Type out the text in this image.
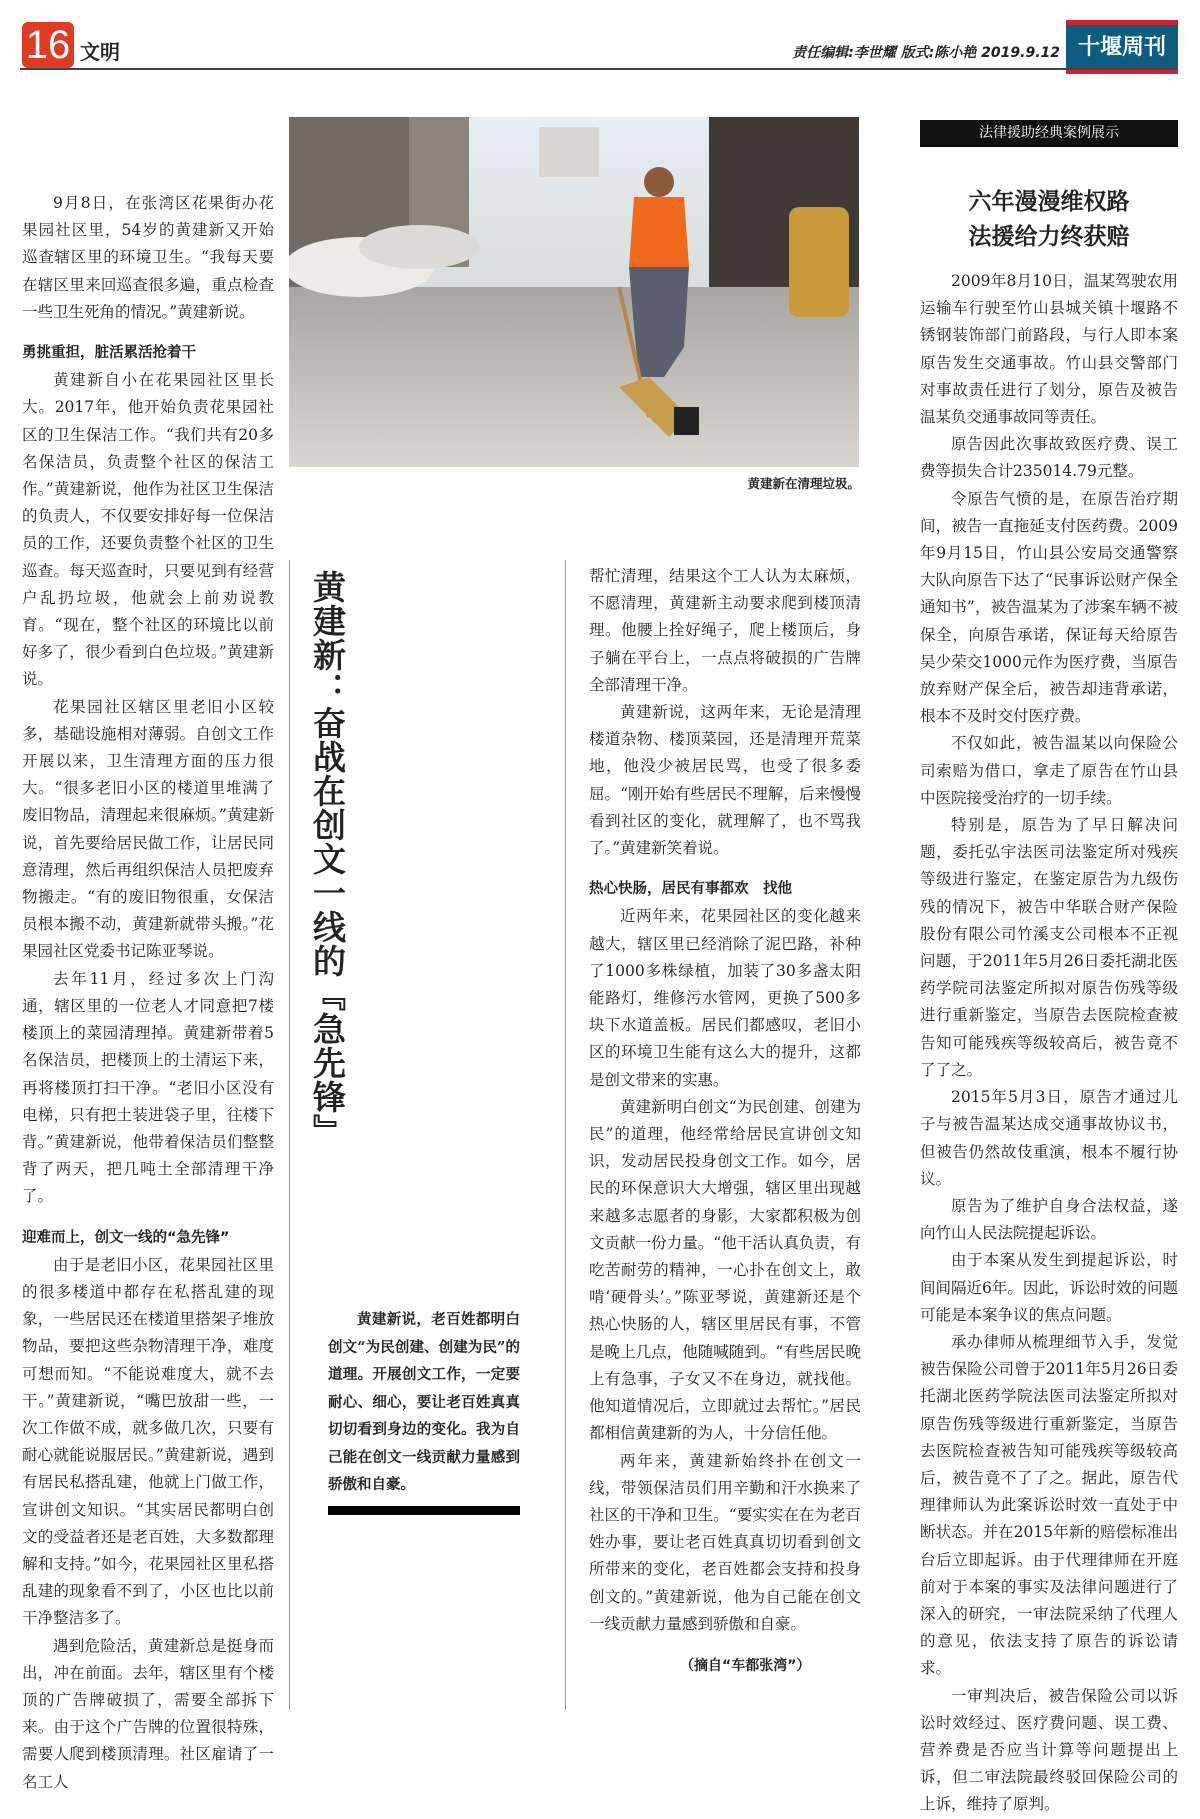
16 文明	责任编辑:李世耀 版式:陈小艳 2019.9.12 十堰周刊

9月8日，在张湾区花果街办花果园社区里，54岁的黄建新又开始巡查辖区里的环境卫生。“我每天要在辖区里来回巡查很多遍，重点检查一些卫生死角的情况。”黄建新说。

勇挑重担，脏活累活抢着干

黄建新自小在花果园社区里长大。2017年，他开始负责花果园社区的卫生保洁工作。“我们共有20多名保洁员，负责整个社区的保洁工作。”黄建新说，他作为社区卫生保洁的负责人，不仅要安排好每一位保洁员的工作，还要负责整个社区的卫生巡查。每天巡查时，只要见到有经营户乱扔垃圾，他就会上前劝说教育。“现在，整个社区的环境比以前好多了，很少看到白色垃圾。”黄建新说。

花果园社区辖区里老旧小区较多，基础设施相对薄弱。自创文工作开展以来，卫生清理方面的压力很大。“很多老旧小区的楼道里堆满了废旧物品，清理起来很麻烦。”黄建新说，首先要给居民做工作，让居民同意清理，然后再组织保洁人员把废弃物搬走。“有的废旧物很重，女保洁员根本搬不动，黄建新就带头搬。”花果园社区党委书记陈亚琴说。

去年11月，经过多次上门沟通，辖区里的一位老人才同意把7楼楼顶上的菜园清理掉。黄建新带着5名保洁员，把楼顶上的土清运下来，再将楼顶打扫干净。“老旧小区没有电梯，只有把土装进袋子里，往楼下背。”黄建新说，他带着保洁员们整整背了两天，把几吨土全部清理干净了。

迎难而上，创文一线的“急先锋”

由于是老旧小区，花果园社区里的很多楼道中都存在私搭乱建的现象，一些居民还在楼道里搭架子堆放物品，要把这些杂物清理干净，难度可想而知。“不能说难度大，就不去干。”黄建新说，“嘴巴放甜一些，一次工作做不成，就多做几次，只要有耐心就能说服居民。”黄建新说，遇到有居民私搭乱建，他就上门做工作，宣讲创文知识。“其实居民都明白创文的受益者还是老百姓，大多数都理解和支持。”如今，花果园社区里私搭乱建的现象看不到了，小区也比以前干净整洁多了。

遇到危险活，黄建新总是挺身而出，冲在前面。去年，辖区里有个楼顶的广告牌破损了，需要全部拆下来。由于这个广告牌的位置很特殊，需要人爬到楼顶清理。社区雇请了一名工人

黄建新在清理垃圾。
黄建新：奋战在创文一线的『急先锋』

黄建新说，老百姓都明白创文“为民创建、创建为民”的道理。开展创文工作，一定要耐心、细心，要让老百姓真真切切看到身边的变化。我为自己能在创文一线贡献力量感到骄傲和自豪。

帮忙清理，结果这个工人认为太麻烦，不愿清理，黄建新主动要求爬到楼顶清理。他腰上拴好绳子，爬上楼顶后，身子躺在平台上，一点点将破损的广告牌全部清理干净。

黄建新说，这两年来，无论是清理楼道杂物、楼顶菜园，还是清理开荒菜地，他没少被居民骂，也受了很多委屈。“刚开始有些居民不理解，后来慢慢看到社区的变化，就理解了，也不骂我了。”黄建新笑着说。

热心快肠，居民有事都欢　找他

近两年来，花果园社区的变化越来越大，辖区里已经消除了泥巴路，补种了1000多株绿植，加装了30多盏太阳能路灯，维修污水管网，更换了500多块下水道盖板。居民们都感叹，老旧小区的环境卫生能有这么大的提升，这都是创文带来的实惠。

黄建新明白创文“为民创建、创建为民”的道理，他经常给居民宣讲创文知识，发动居民投身创文工作。如今，居民的环保意识大大增强，辖区里出现越来越多志愿者的身影，大家都积极为创文贡献一份力量。“他干活认真负责，有吃苦耐劳的精神，一心扑在创文上，敢啃‘硬骨头’。”陈亚琴说，黄建新还是个热心快肠的人，辖区里居民有事，不管是晚上几点，他随喊随到。“有些居民晚上有急事，子女又不在身边，就找他。他知道情况后，立即就过去帮忙。”居民都相信黄建新的为人，十分信任他。

两年来，黄建新始终扑在创文一线，带领保洁员们用辛勤和汗水换来了社区的干净和卫生。“要实实在在为老百姓办事，要让老百姓真真切切看到创文所带来的变化，老百姓都会支持和投身创文的。”黄建新说，他为自己能在创文一线贡献力量感到骄傲和自豪。

（摘自“车都张湾”）
法律援助经典案例展示
六年漫漫维权路
法援给力终获赔

2009年8月10日，温某驾驶农用运输车行驶至竹山县城关镇十堰路不锈钢装饰部门前路段，与行人即本案原告发生交通事故。竹山县交警部门对事故责任进行了划分，原告及被告温某负交通事故同等责任。

原告因此次事故致医疗费、误工费等损失合计235014.79元整。

令原告气愤的是，在原告治疗期间，被告一直拖延支付医药费。2009年9月15日，竹山县公安局交通警察大队向原告下达了“民事诉讼财产保全通知书”，被告温某为了涉案车辆不被保全，向原告承诺，保证每天给原告吴少荣交1000元作为医疗费，当原告放弃财产保全后，被告却违背承诺，根本不及时交付医疗费。

不仅如此，被告温某以向保险公司索赔为借口，拿走了原告在竹山县中医院接受治疗的一切手续。

特别是，原告为了早日解决问题，委托弘宇法医司法鉴定所对残疾等级进行鉴定，在鉴定原告为九级伤残的情况下，被告中华联合财产保险股份有限公司竹溪支公司根本不正视问题，于2011年5月26日委托湖北医药学院司法鉴定所拟对原告伤残等级进行重新鉴定，当原告去医院检查被告知可能残疾等级较高后，被告竟不了了之。

2015年5月3日，原告才通过儿子与被告温某达成交通事故协议书，但被告仍然故伎重演，根本不履行协议。

原告为了维护自身合法权益，遂向竹山人民法院提起诉讼。

由于本案从发生到提起诉讼，时间间隔近6年。因此，诉讼时效的问题可能是本案争议的焦点问题。

承办律师从梳理细节入手，发觉被告保险公司曾于2011年5月26日委托湖北医药学院法医司法鉴定所拟对原告伤残等级进行重新鉴定，当原告去医院检查被告知可能残疾等级较高后，被告竟不了了之。据此，原告代理律师认为此案诉讼时效一直处于中断状态。并在2015年新的赔偿标准出台后立即起诉。由于代理律师在开庭前对于本案的事实及法律问题进行了深入的研究，一审法院采纳了代理人的意见，依法支持了原告的诉讼请求。

一审判决后，被告保险公司以诉讼时效经过、医疗费问题、误工费、营养费是否应当计算等问题提出上诉，但二审法院最终驳回保险公司的上诉，维持了原判。
